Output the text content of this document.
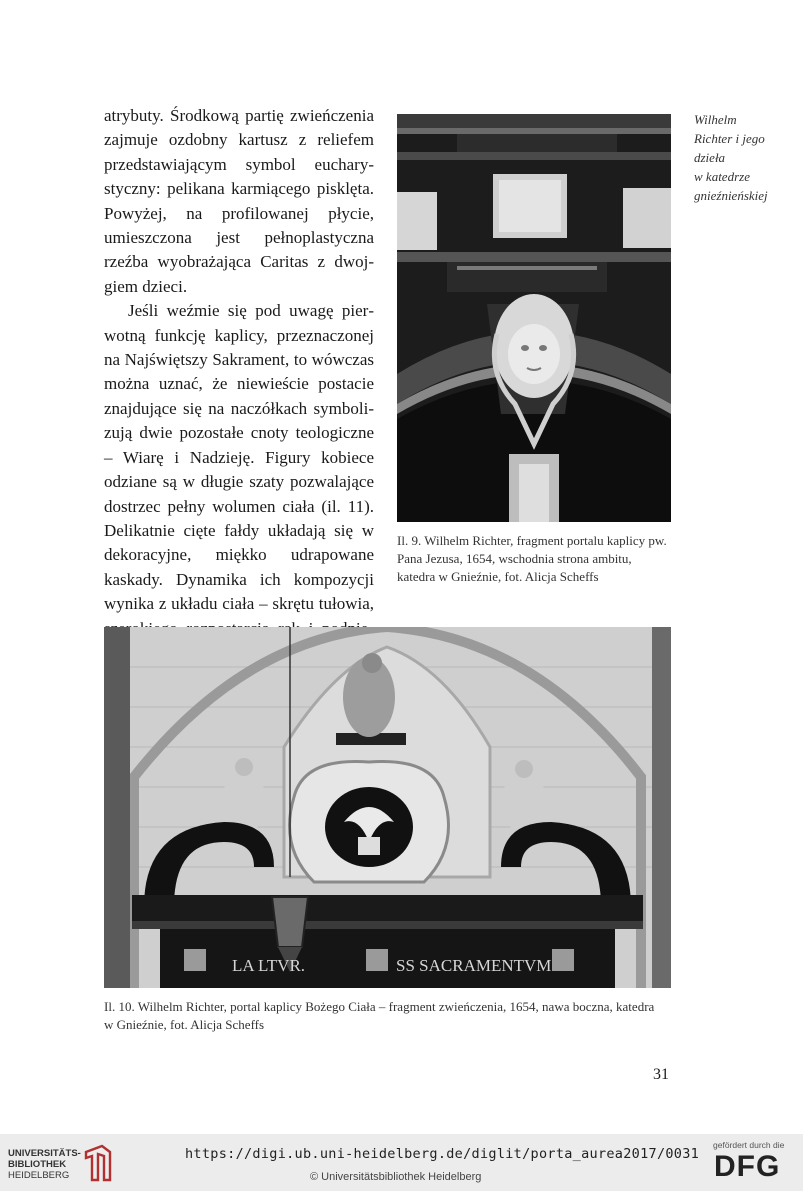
atrybuty. Środkową partię zwieńczenia zajmuje ozdobny kartusz z reliefem przedstawiającym symbol eucharystyczny: pelikana karmiącego pisklęta. Powyżej, na profilowanej płycie, umieszczona jest pełnoplastyczna rzeźba wyobrażająca Caritas z dwojgiem dzieci.

Jeśli weźmie się pod uwagę pierwotną funkcję kaplicy, przeznaczonej na Najświętszy Sakrament, to wówczas można uznać, że niewieście postacie znajdujące się na naczółkach symbolizują dwie pozostałe cnoty teologiczne – Wiarę i Nadzieję. Figury kobiece odziane są w długie szaty pozwalające dostrzec pełny wolumen ciała (il. 11). Delikatnie cięte fałdy układają się w dekoracyjne, miękko udrapowane kaskady. Dynamika ich kompozycji wynika z układu ciała – skrętu tułowia,

Wilhelm
Richter i jego
dzieła
w katedrze
gnieźnieńskiej
Il. 9. Wilhelm Richter, fragment portalu kaplicy pw. Pana Jezusa, 1654, wschodnia strona ambitu, katedra w Gnieźnie, fot. Alicja Scheffs
LA LTVR.	SS SACRAMENTVM
Il. 10. Wilhelm Richter, portal kaplicy Bożego Ciała – fragment zwieńczenia, 1654, nawa boczna, katedra w Gnieźnie, fot. Alicja Scheffs
31
UNIVERSITÄTS-
BIBLIOTHEK
HEIDELBERG
https://digi.ub.uni-heidelberg.de/diglit/porta_aurea2017/0031
© Universitätsbibliothek Heidelberg
gefördert durch die
DFG
